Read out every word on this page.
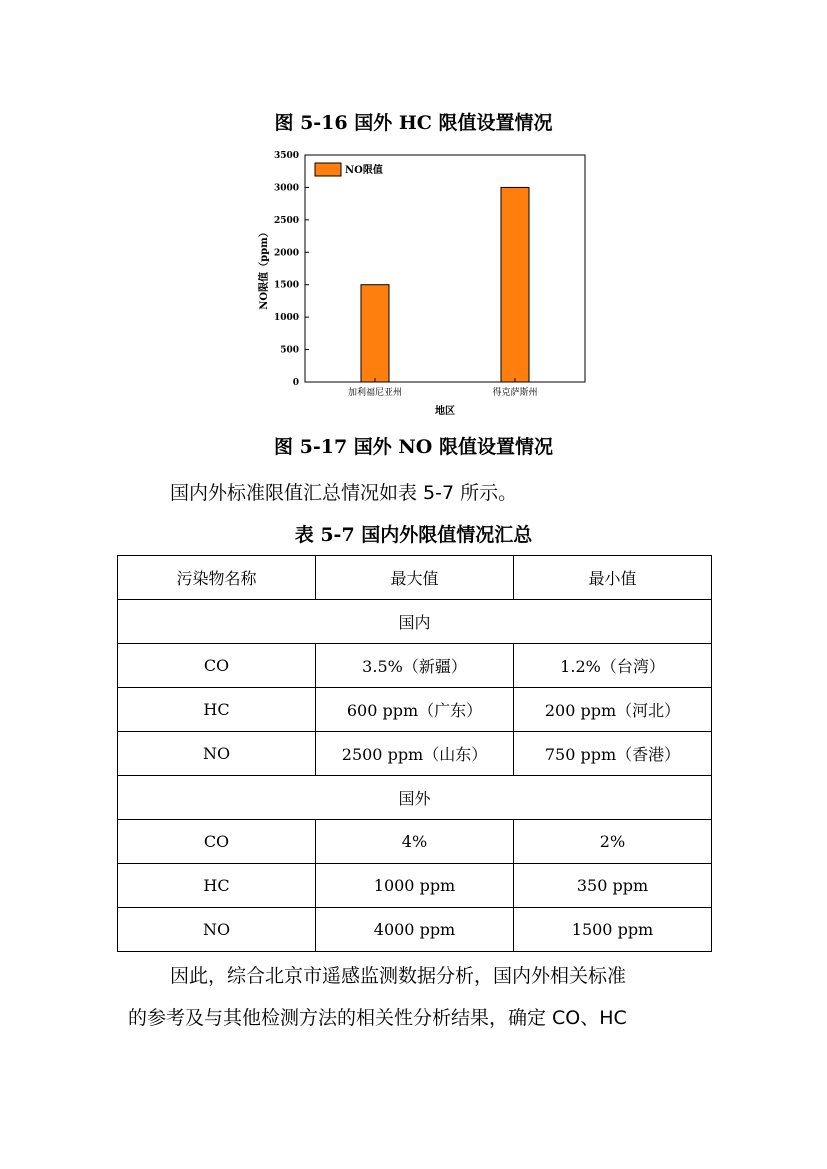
图 5-16 国外 HC 限值设置情况
0
500
1000
1500
2000
2500
3000
3500
NO限值（ppm）
加利福尼亚州	得克萨斯州
地区
NO限值
图 5-17 国外 NO 限值设置情况
国内外标准限值汇总情况如表 5-7 所示。
表 5-7 国内外限值情况汇总
污染物名称	最大值	最小值
国内		
CO	3.5%（新疆）	1.2%（台湾）
HC	600 ppm（广东）	200 ppm（河北）
NO	2500 ppm（山东）	750 ppm（香港）
国外		
CO	4%	2%
HC	1000 ppm	350 ppm
NO	4000 ppm	1500 ppm
因此，综合北京市遥感监测数据分析，国内外相关标准
的参考及与其他检测方法的相关性分析结果，确定 CO、HC
